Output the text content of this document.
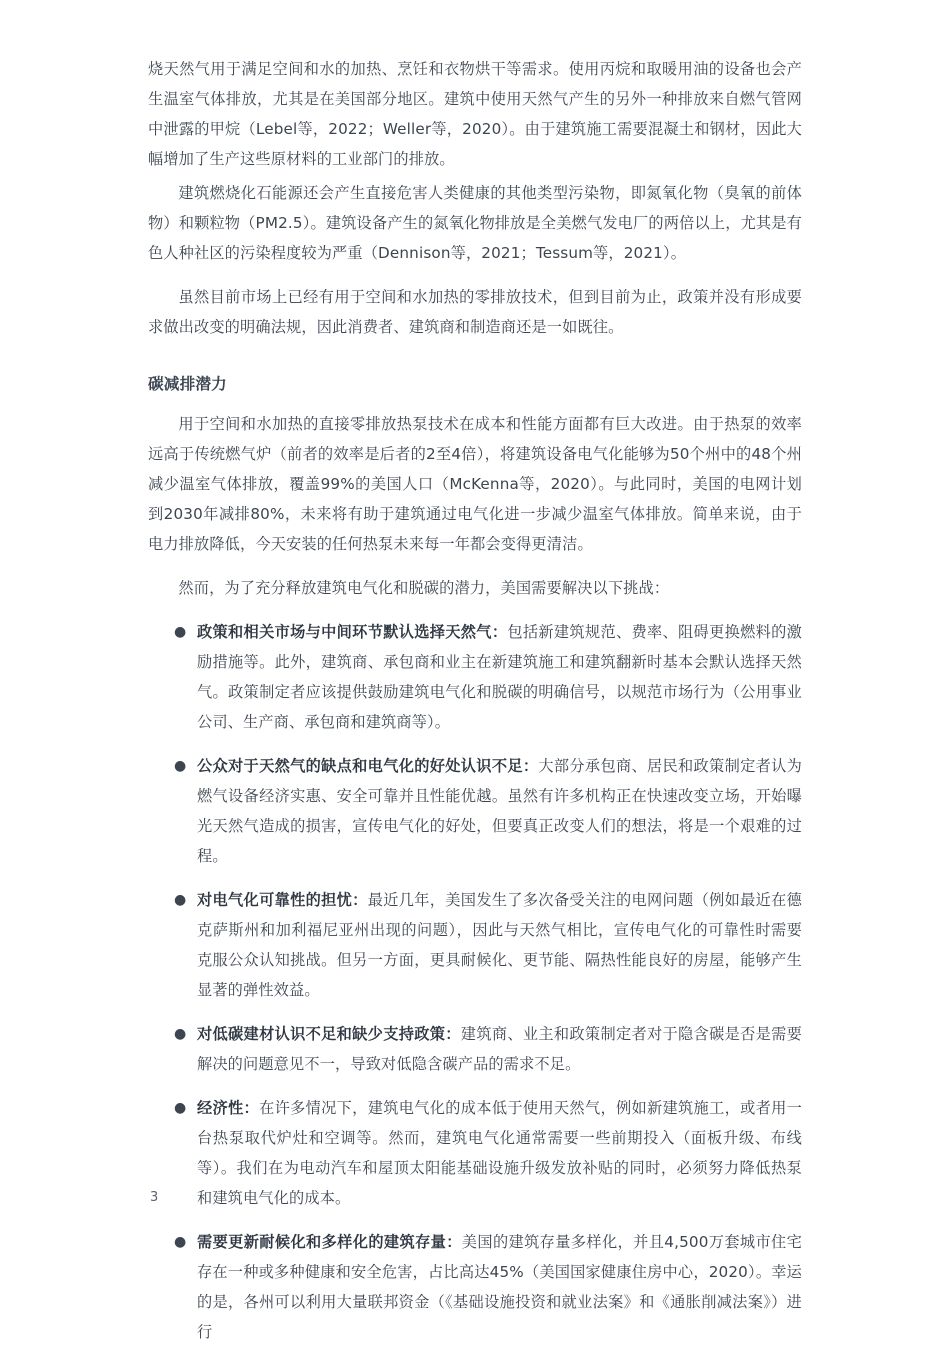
烧天然气用于满足空间和水的加热、烹饪和衣物烘干等需求。使用丙烷和取暖用油的设备也会产生温室气体排放，尤其是在美国部分地区。建筑中使用天然气产生的另外一种排放来自燃气管网中泄露的甲烷（Lebel等，2022；Weller等，2020）。由于建筑施工需要混凝土和钢材，因此大幅增加了生产这些原材料的工业部门的排放。

建筑燃烧化石能源还会产生直接危害人类健康的其他类型污染物，即氮氧化物（臭氧的前体物）和颗粒物（PM2.5）。建筑设备产生的氮氧化物排放是全美燃气发电厂的两倍以上，尤其是有色人种社区的污染程度较为严重（Dennison等，2021；Tessum等，2021）。

虽然目前市场上已经有用于空间和水加热的零排放技术，但到目前为止，政策并没有形成要求做出改变的明确法规，因此消费者、建筑商和制造商还是一如既往。

碳减排潜力

用于空间和水加热的直接零排放热泵技术在成本和性能方面都有巨大改进。由于热泵的效率远高于传统燃气炉（前者的效率是后者的2至4倍），将建筑设备电气化能够为50个州中的48个州减少温室气体排放，覆盖99%的美国人口（McKenna等，2020）。与此同时，美国的电网计划到2030年减排80%，未来将有助于建筑通过电气化进一步减少温室气体排放。简单来说，由于电力排放降低，今天安装的任何热泵未来每一年都会变得更清洁。

然而，为了充分释放建筑电气化和脱碳的潜力，美国需要解决以下挑战：

● 政策和相关市场与中间环节默认选择天然气：包括新建筑规范、费率、阻碍更换燃料的激励措施等。此外，建筑商、承包商和业主在新建筑施工和建筑翻新时基本会默认选择天然气。政策制定者应该提供鼓励建筑电气化和脱碳的明确信号，以规范市场行为（公用事业公司、生产商、承包商和建筑商等）。
● 公众对于天然气的缺点和电气化的好处认识不足：大部分承包商、居民和政策制定者认为燃气设备经济实惠、安全可靠并且性能优越。虽然有许多机构正在快速改变立场，开始曝光天然气造成的损害，宣传电气化的好处，但要真正改变人们的想法，将是一个艰难的过程。
● 对电气化可靠性的担忧：最近几年，美国发生了多次备受关注的电网问题（例如最近在德克萨斯州和加利福尼亚州出现的问题），因此与天然气相比，宣传电气化的可靠性时需要克服公众认知挑战。但另一方面，更具耐候化、更节能、隔热性能良好的房屋，能够产生显著的弹性效益。
● 对低碳建材认识不足和缺少支持政策：建筑商、业主和政策制定者对于隐含碳是否是需要解决的问题意见不一，导致对低隐含碳产品的需求不足。
● 经济性：在许多情况下，建筑电气化的成本低于使用天然气，例如新建筑施工，或者用一台热泵取代炉灶和空调等。然而，建筑电气化通常需要一些前期投入（面板升级、布线等）。我们在为电动汽车和屋顶太阳能基础设施升级发放补贴的同时，必须努力降低热泵和建筑电气化的成本。
● 需要更新耐候化和多样化的建筑存量：美国的建筑存量多样化，并且4,500万套城市住宅存在一种或多种健康和安全危害，占比高达45%（美国国家健康住房中心，2020）。幸运的是，各州可以利用大量联邦资金（《基础设施投资和就业法案》和《通胀削减法案》）进行
3
